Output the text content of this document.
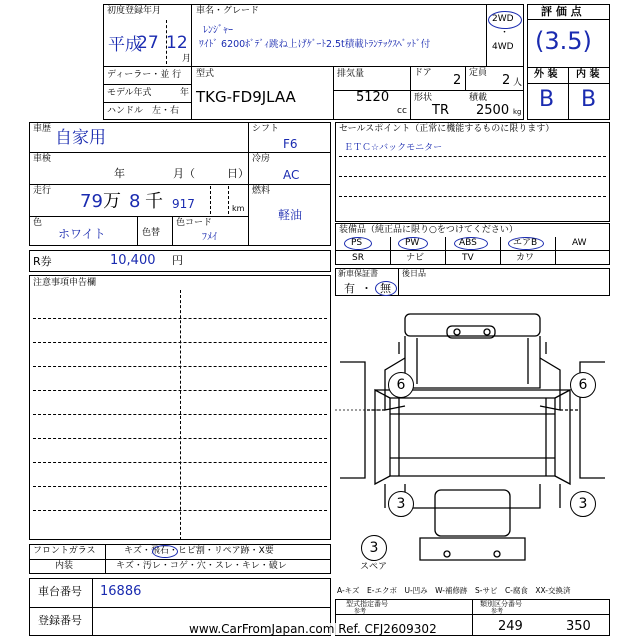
初度登録年月
平成
27 12
月
車名・グレード
ﾚﾝｼﾞｬｰ
ﾜｲﾄﾞ 6200ﾎﾞﾃﾞｨ跳ね上げｹﾞｰﾄ2.5t積載ﾄﾗﾝﾃｯｸｽﾍﾞｯﾄﾞ付
2WD
・
4WD
ディーラー・並 行
モデル年式	年
ハンドル　左・右
型式
TKG-FD9JLAA
排気量
5120
cc
ドア 2 定員 2 人
形状
TR
積載
2500 kg
評 価 点
(3.5)
外 装 内 装
B B
車歴 自家用
車検
年	月（	日）
走行 79 万 8 千 917	km
色
ホワイト	色替
色コード
ﾌﾒｲ
シフト
F6
冷房
AC
燃料
軽油
R券	10,400 円
注意事項申告欄
セールスポイント（正常に機能するものに限ります）
ＥＴＣ☆バックモニター
装備品（純正品に限り○をつけてください）
PS	PW	ABS	エアB	AW
SR	ナビ	TV	カワ
新車保証書
有 ・ 無
後日品
6	6
3	3
3
スペア
フロントガラス	キズ・飛石・ヒビ割・リペア跡・X要
内装	キズ・汚レ・コゲ・穴・スレ・キレ・破レ
車台番号 16886
登録番号
A-キズ　E-エクボ　U-凹み　W-補修跡　S-サビ　C-腐食　XX-交換済
型式指定番号
参考
類別区分番号
参考
249	350
www.CarFromJapan.com Ref. CFJ2609302
